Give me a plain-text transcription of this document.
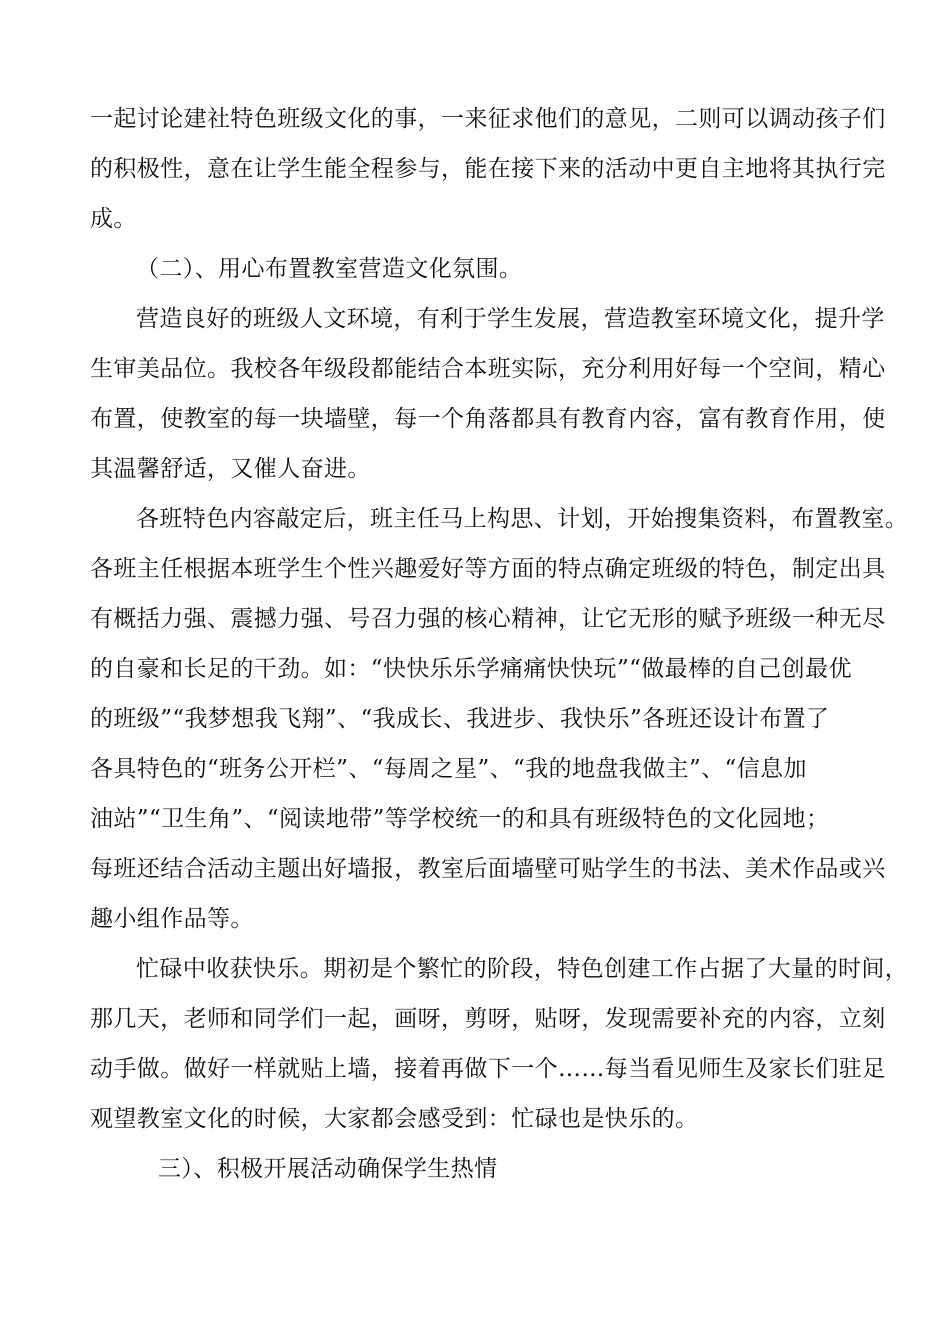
一起讨论建社特色班级文化的事，一来征求他们的意见，二则可以调动孩子们
的积极性，意在让学生能全程参与，能在接下来的活动中更自主地将其执行完
成。
（二）、用心布置教室营造文化氛围。
营造良好的班级人文环境，有利于学生发展，营造教室环境文化，提升学
生审美品位。我校各年级段都能结合本班实际，充分利用好每一个空间，精心
布置，使教室的每一块墙壁，每一个角落都具有教育内容，富有教育作用，使
其温馨舒适，又催人奋进。
各班特色内容敲定后，班主任马上构思、计划，开始搜集资料，布置教室。
各班主任根据本班学生个性兴趣爱好等方面的特点确定班级的特色，制定出具
有概括力强、震撼力强、号召力强的核心精神，让它无形的赋予班级一种无尽
的自豪和长足的干劲。如：“快快乐乐学痛痛快快玩”“做最棒的自己创最优
的班级”“我梦想我飞翔”、“我成长、我进步、我快乐”各班还设计布置了
各具特色的“班务公开栏”、“每周之星”、“我的地盘我做主”、“信息加
油站”“卫生角”、“阅读地带”等学校统一的和具有班级特色的文化园地；
每班还结合活动主题出好墙报，教室后面墙壁可贴学生的书法、美术作品或兴
趣小组作品等。
忙碌中收获快乐。期初是个繁忙的阶段，特色创建工作占据了大量的时间，
那几天，老师和同学们一起，画呀，剪呀，贴呀，发现需要补充的内容，立刻
动手做。做好一样就贴上墙，接着再做下一个……每当看见师生及家长们驻足
观望教室文化的时候，大家都会感受到：忙碌也是快乐的。
三）、积极开展活动确保学生热情
